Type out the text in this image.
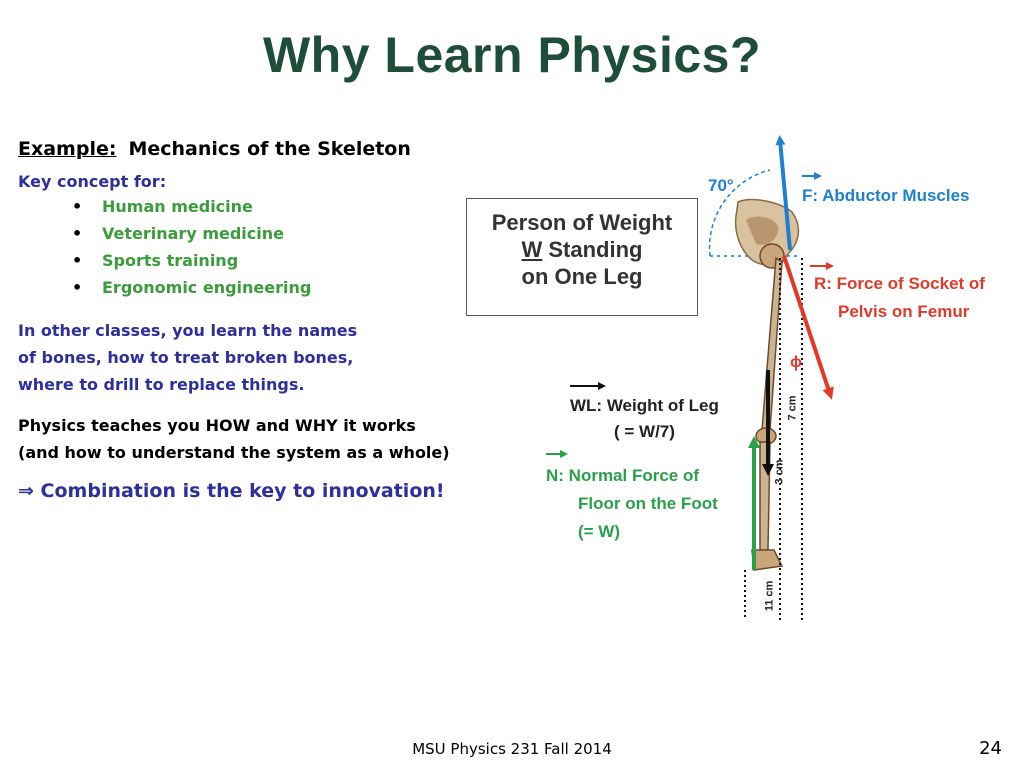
Why Learn Physics?
Example: Mechanics of the Skeleton
Key concept for:
• Human medicine
• Veterinary medicine
• Sports training
• Ergonomic engineering
In other classes, you learn the names
of bones, how to treat broken bones,
where to drill to replace things.
Physics teaches you HOW and WHY it works
(and how to understand the system as a whole)
⇒ Combination is the key to innovation!
Person of Weight
W Standing
on One Leg
70°
F: Abductor Muscles
R: Force of Socket of
Pelvis on Femur
ϕ
WL: Weight of Leg
( = W/7)
N: Normal Force of
Floor on the Foot
(= W)
7 cm
3 cm
11 cm
MSU Physics 231 Fall 2014	24
